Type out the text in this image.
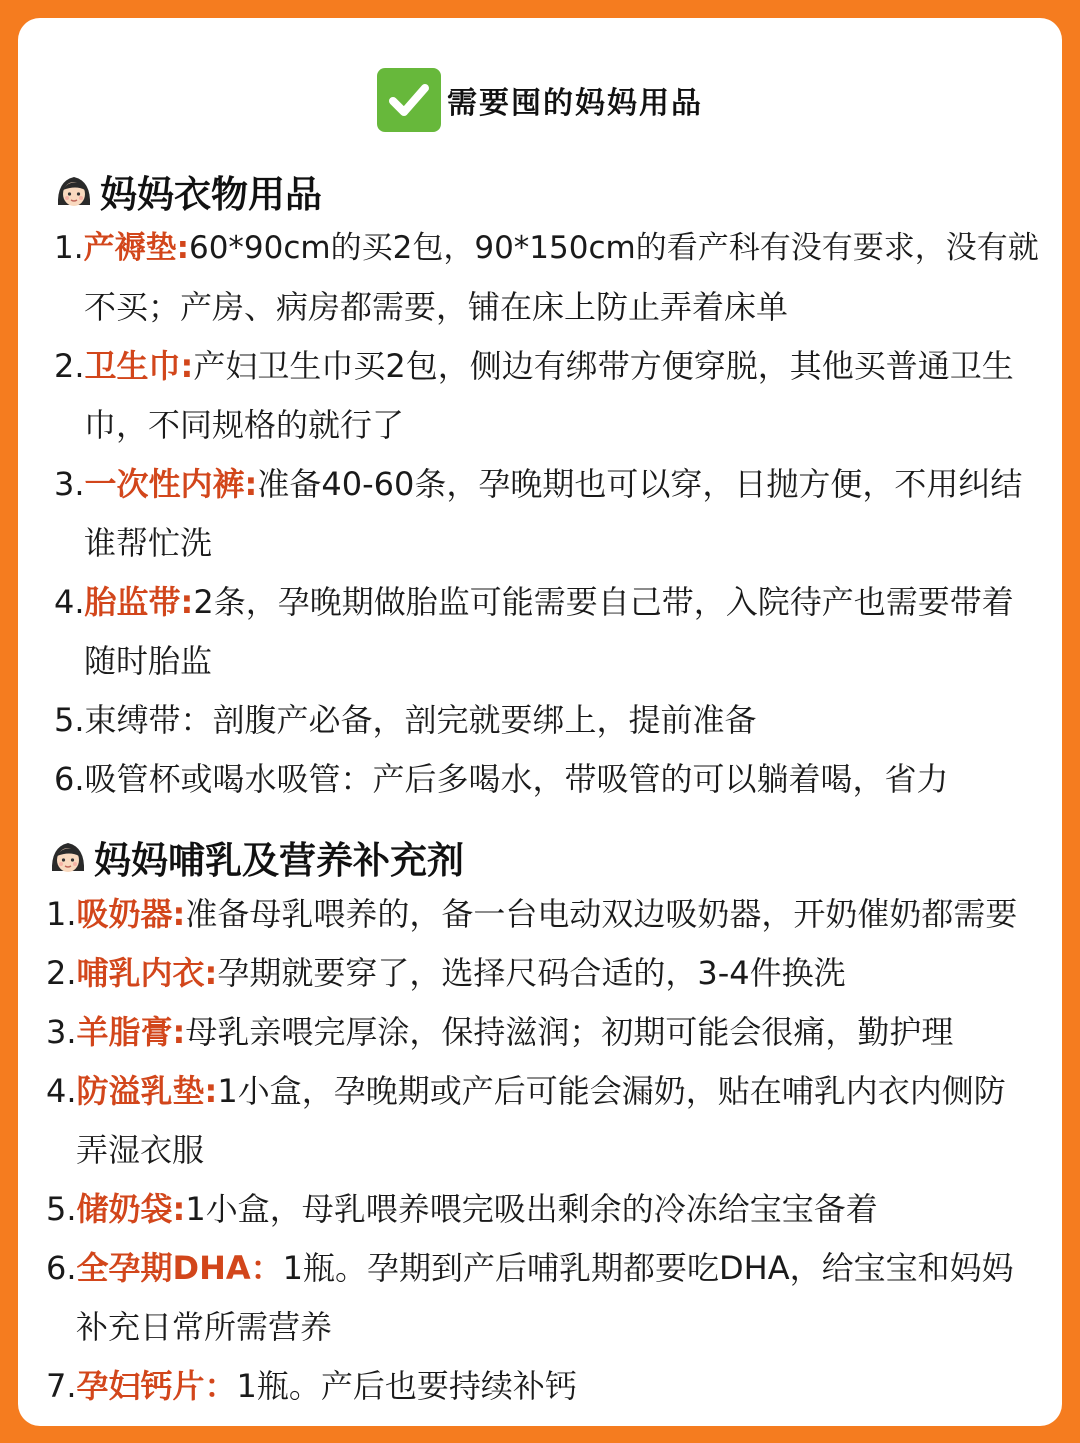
需要囤的妈妈用品
妈妈衣物用品
1.产褥垫:60*90cm的买2包，90*150cm的看产科有没有要求，没有就
不买；产房、病房都需要，铺在床上防止弄着床单
2.卫生巾:产妇卫生巾买2包，侧边有绑带方便穿脱，其他买普通卫生
巾，不同规格的就行了
3.一次性内裤:准备40-60条，孕晚期也可以穿，日抛方便，不用纠结
谁帮忙洗
4.胎监带:2条，孕晚期做胎监可能需要自己带，入院待产也需要带着
随时胎监
5.束缚带：剖腹产必备，剖完就要绑上，提前准备
6.吸管杯或喝水吸管：产后多喝水，带吸管的可以躺着喝，省力
妈妈哺乳及营养补充剂
1.吸奶器:准备母乳喂养的，备一台电动双边吸奶器，开奶催奶都需要
2.哺乳内衣:孕期就要穿了，选择尺码合适的，3-4件换洗
3.羊脂膏:母乳亲喂完厚涂，保持滋润；初期可能会很痛，勤护理
4.防溢乳垫:1小盒，孕晚期或产后可能会漏奶，贴在哺乳内衣内侧防
弄湿衣服
5.储奶袋:1小盒，母乳喂养喂完吸出剩余的冷冻给宝宝备着
6.全孕期DHA：1瓶。孕期到产后哺乳期都要吃DHA，给宝宝和妈妈
补充日常所需营养
7.孕妇钙片：1瓶。产后也要持续补钙
